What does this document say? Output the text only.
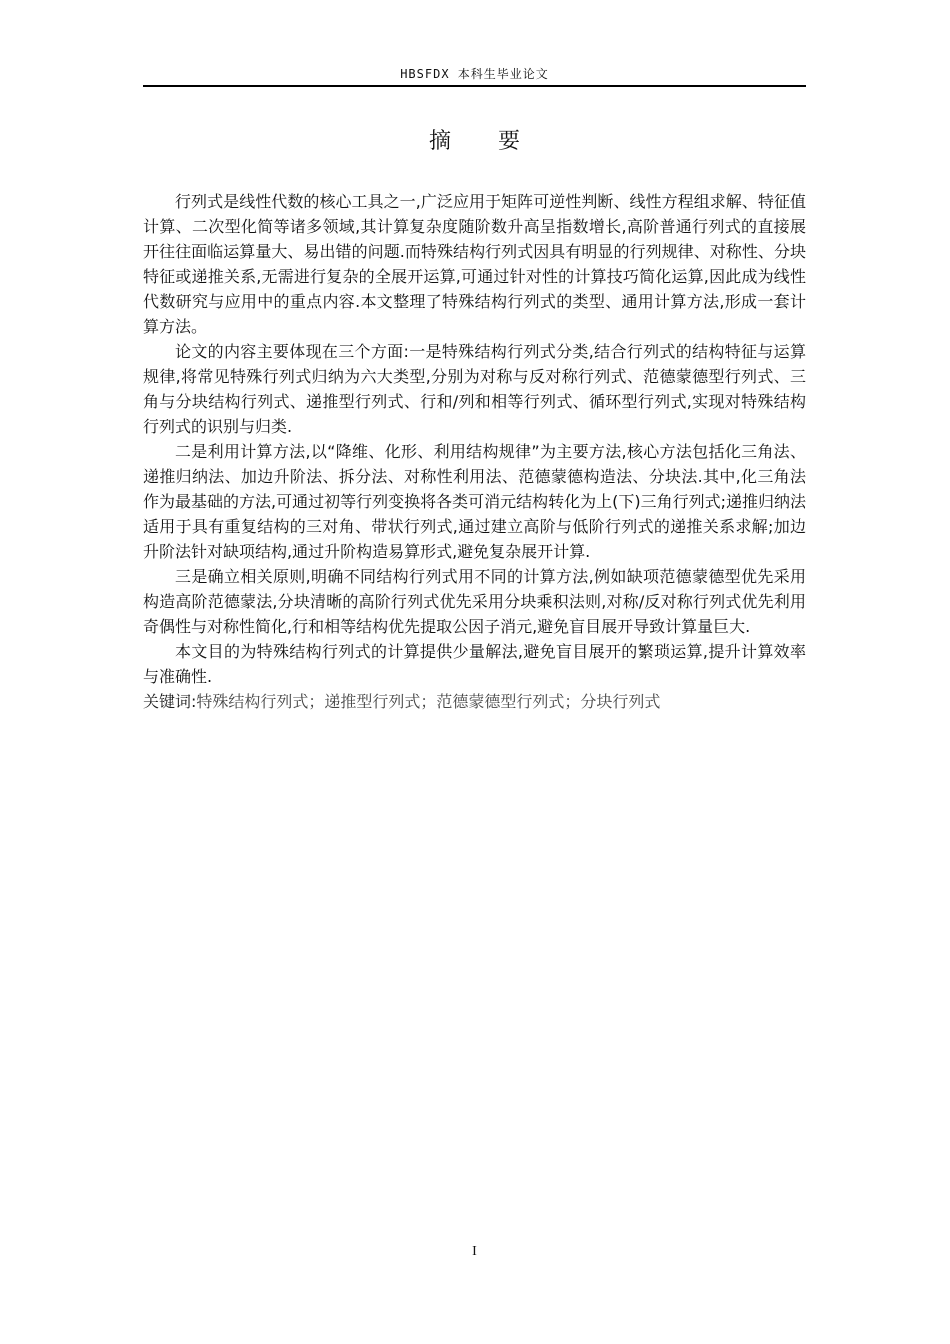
HBSFDX 本科生毕业论文
摘 要

行列式是线性代数的核心工具之一,广泛应用于矩阵可逆性判断、线性方程组求解、特征值计算、二次型化简等诸多领域,其计算复杂度随阶数升高呈指数增长,高阶普通行列式的直接展开往往面临运算量大、易出错的问题.而特殊结构行列式因具有明显的行列规律、对称性、分块特征或递推关系,无需进行复杂的全展开运算,可通过针对性的计算技巧简化运算,因此成为线性代数研究与应用中的重点内容.本文整理了特殊结构行列式的类型、通用计算方法,形成一套计算方法。

论文的内容主要体现在三个方面:一是特殊结构行列式分类,结合行列式的结构特征与运算规律,将常见特殊行列式归纳为六大类型,分别为对称与反对称行列式、范德蒙德型行列式、三角与分块结构行列式、递推型行列式、行和/列和相等行列式、循环型行列式,实现对特殊结构行列式的识别与归类.

二是利用计算方法,以“降维、化形、利用结构规律”为主要方法,核心方法包括化三角法、递推归纳法、加边升阶法、拆分法、对称性利用法、范德蒙德构造法、分块法.其中,化三角法作为最基础的方法,可通过初等行列变换将各类可消元结构转化为上(下)三角行列式;递推归纳法适用于具有重复结构的三对角、带状行列式,通过建立高阶与低阶行列式的递推关系求解;加边升阶法针对缺项结构,通过升阶构造易算形式,避免复杂展开计算.

三是确立相关原则,明确不同结构行列式用不同的计算方法,例如缺项范德蒙德型优先采用构造高阶范德蒙法,分块清晰的高阶行列式优先采用分块乘积法则,对称/反对称行列式优先利用奇偶性与对称性简化,行和相等结构优先提取公因子消元,避免盲目展开导致计算量巨大.

本文目的为特殊结构行列式的计算提供少量解法,避免盲目展开的繁琐运算,提升计算效率与准确性.

关键词:特殊结构行列式；递推型行列式；范德蒙德型行列式；分块行列式
I
